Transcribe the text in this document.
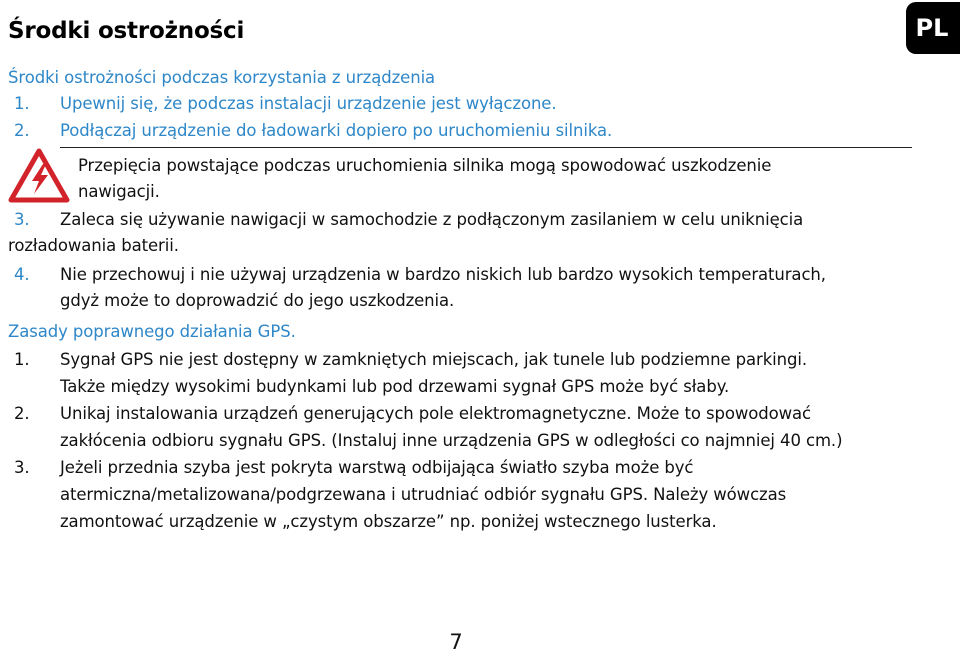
Środki ostrożności	PL
Środki ostrożności podczas korzystania z urządzenia
1.	Upewnij się, że podczas instalacji urządzenie jest wyłączone.
2.	Podłączaj urządzenie do ładowarki dopiero po uruchomieniu silnika.
Przepięcia powstające podczas uruchomienia silnika mogą spowodować uszkodzenie
nawigacji.
3.	Zaleca się używanie nawigacji w samochodzie z podłączonym zasilaniem w celu uniknięcia
rozładowania baterii.
4.	Nie przechowuj i nie używaj urządzenia w bardzo niskich lub bardzo wysokich temperaturach,
gdyż może to doprowadzić do jego uszkodzenia.
Zasady poprawnego działania GPS.
1.	Sygnał GPS nie jest dostępny w zamkniętych miejscach, jak tunele lub podziemne parkingi.
Także między wysokimi budynkami lub pod drzewami sygnał GPS może być słaby.
2.	Unikaj instalowania urządzeń generujących pole elektromagnetyczne. Może to spowodować
zakłócenia odbioru sygnału GPS. (Instaluj inne urządzenia GPS w odległości co najmniej 40 cm.)
3.	Jeżeli przednia szyba jest pokryta warstwą odbijająca światło szyba może być
atermiczna/metalizowana/podgrzewana i utrudniać odbiór sygnału GPS. Należy wówczas
zamontować urządzenie w „czystym obszarze” np. poniżej wstecznego lusterka.
7
